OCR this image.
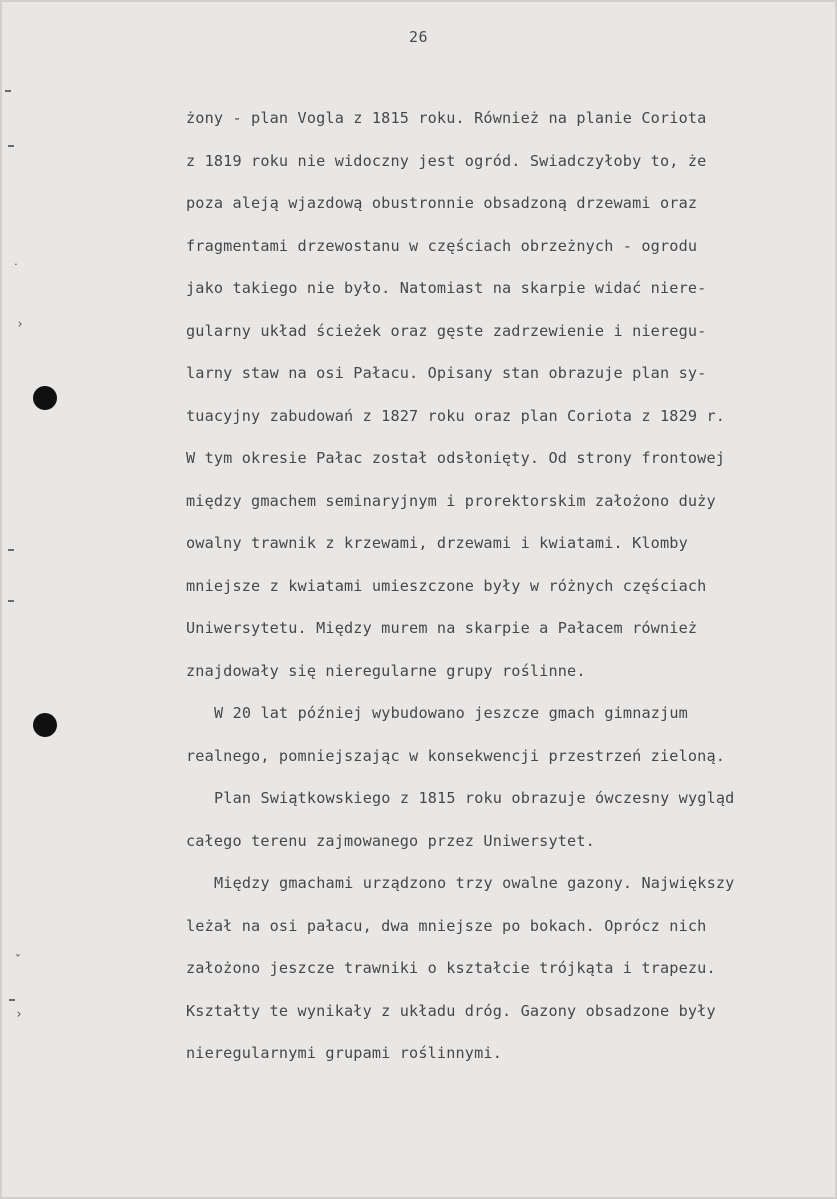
26
˙
›
ˇ
›
żony - plan Vogla z 1815 roku. Również na planie Coriota
z 1819 roku nie widoczny jest ogród. Swiadczyłoby to, że
poza aleją wjazdową obustronnie obsadzoną drzewami oraz
fragmentami drzewostanu w częściach obrzeżnych - ogrodu
jako takiego nie było. Natomiast na skarpie widać niere-
gularny układ ścieżek oraz gęste zadrzewienie i nieregu-
larny staw na osi Pałacu. Opisany stan obrazuje plan sy-
tuacyjny zabudowań z 1827 roku oraz plan Coriota z 1829 r.
W tym okresie Pałac został odsłonięty. Od strony frontowej
między gmachem seminaryjnym i prorektorskim założono duży
owalny trawnik z krzewami, drzewami i kwiatami. Klomby
mniejsze z kwiatami umieszczone były w różnych częściach
Uniwersytetu. Między murem na skarpie a Pałacem również
znajdowały się nieregularne grupy roślinne.
W 20 lat później wybudowano jeszcze gmach gimnazjum
realnego, pomniejszając w konsekwencji przestrzeń zieloną.
Plan Swiątkowskiego z 1815 roku obrazuje ówczesny wygląd
całego terenu zajmowanego przez Uniwersytet.
Między gmachami urządzono trzy owalne gazony. Największy
leżał na osi pałacu, dwa mniejsze po bokach. Oprócz nich
założono jeszcze trawniki o kształcie trójkąta i trapezu.
Kształty te wynikały z układu dróg. Gazony obsadzone były
nieregularnymi grupami roślinnymi.
